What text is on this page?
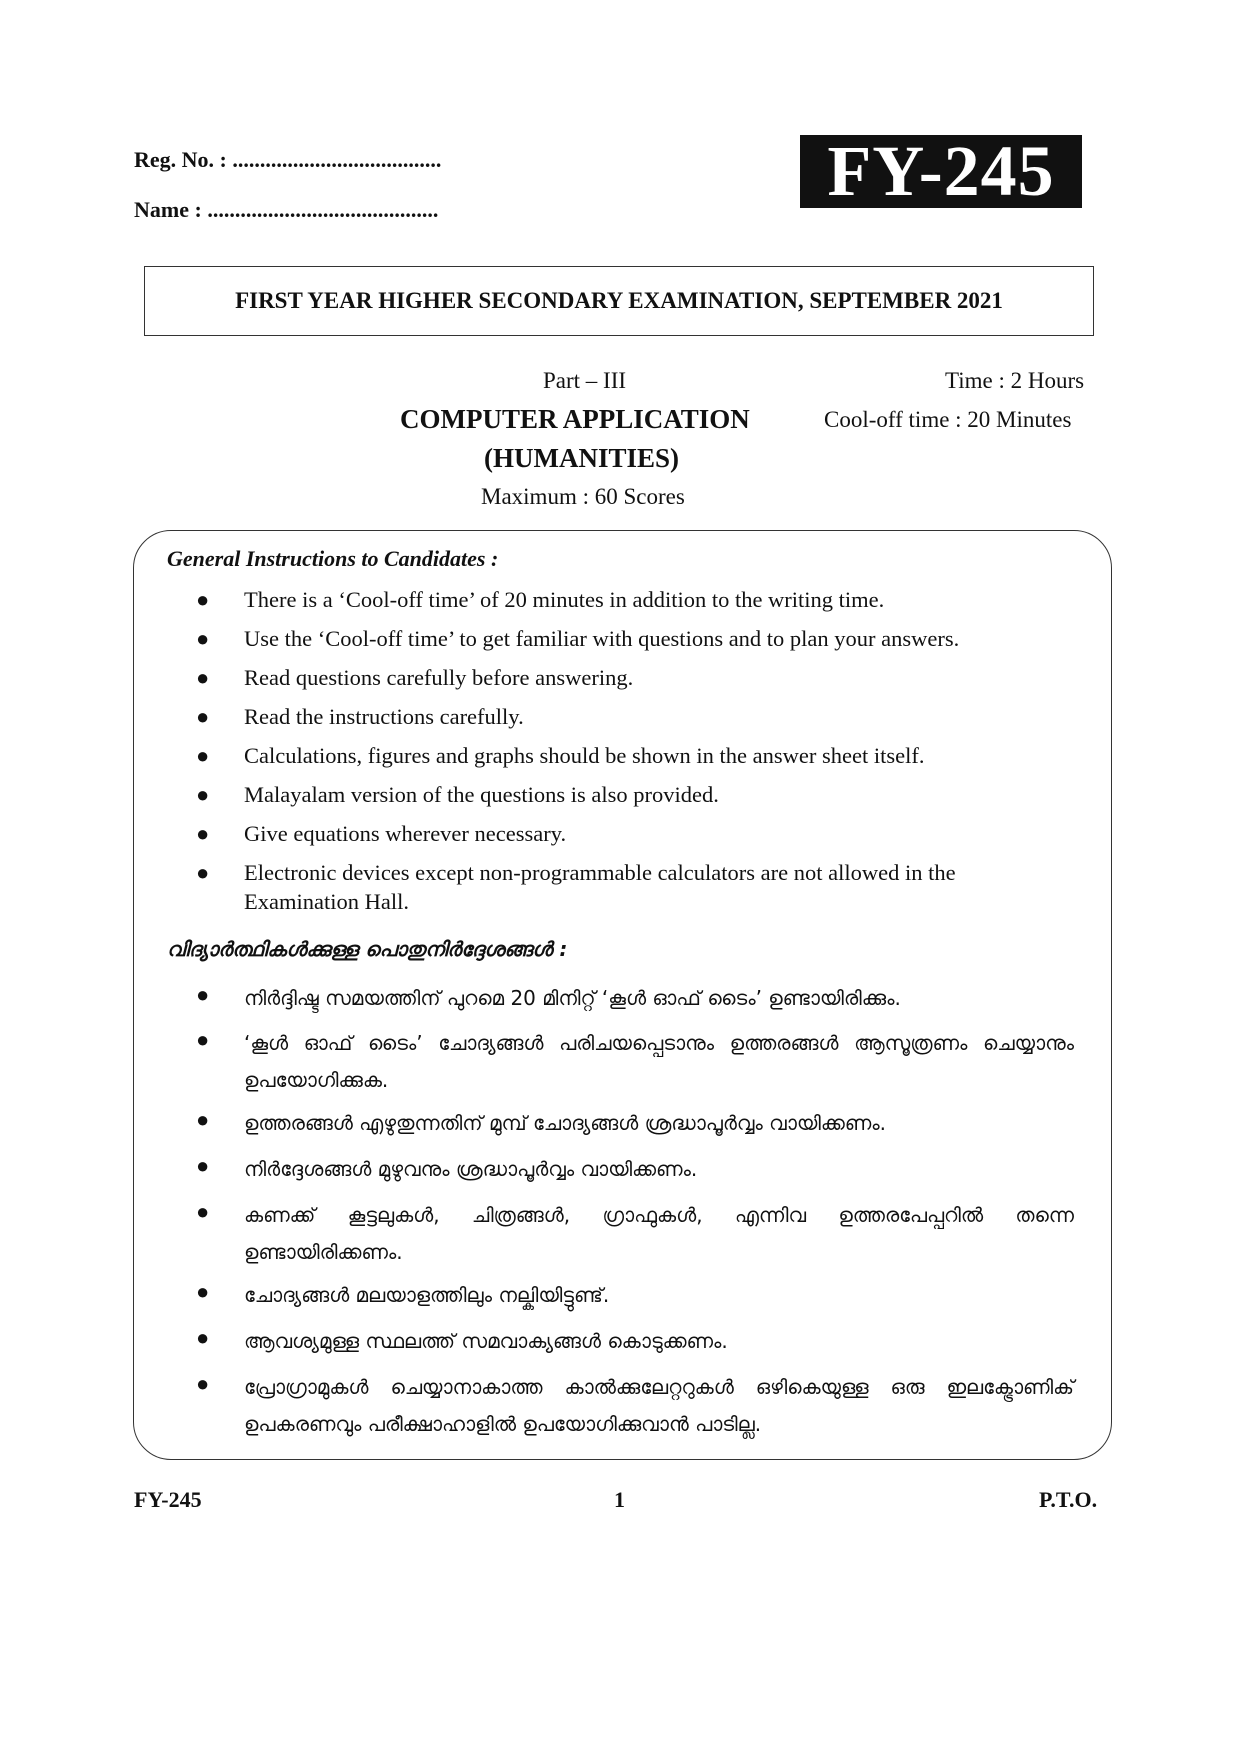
Reg. No. : ......................................
Name : ..........................................	FY-245
FIRST YEAR HIGHER SECONDARY EXAMINATION, SEPTEMBER 2021
Part – III	Time : 2 Hours
COMPUTER APPLICATION	Cool-off time : 20 Minutes
(HUMANITIES)
Maximum : 60 Scores
General Instructions to Candidates :
● There is a ‘Cool-off time’ of 20 minutes in addition to the writing time.
● Use the ‘Cool-off time’ to get familiar with questions and to plan your answers.
● Read questions carefully before answering.
● Read the instructions carefully.
● Calculations, figures and graphs should be shown in the answer sheet itself.
● Malayalam version of the questions is also provided.
● Give equations wherever necessary.
● Electronic devices except non-programmable calculators are not allowed in the Examination Hall.
വിദ്യാർത്ഥികൾക്കുള്ള പൊതുനിർദ്ദേശങ്ങൾ :
● നിർദ്ദിഷ്ട സമയത്തിന് പുറമെ 20 മിനിറ്റ് ‘കൂൾ ഓഫ് ടൈം’ ഉണ്ടായിരിക്കും.
● ‘കൂൾ ഓഫ് ടൈം’ ചോദ്യങ്ങൾ പരിചയപ്പെടാനും ഉത്തരങ്ങൾ ആസൂത്രണം ചെയ്യാനും ഉപയോഗിക്കുക.
● ഉത്തരങ്ങൾ എഴുതുന്നതിന് മുമ്പ് ചോദ്യങ്ങൾ ശ്രദ്ധാപൂർവ്വം വായിക്കണം.
● നിർദ്ദേശങ്ങൾ മുഴുവനും ശ്രദ്ധാപൂർവ്വം വായിക്കണം.
● കണക്ക് കൂട്ടലുകൾ, ചിത്രങ്ങൾ, ഗ്രാഫുകൾ, എന്നിവ ഉത്തരപേപ്പറിൽ തന്നെ ഉണ്ടായിരിക്കണം.
● ചോദ്യങ്ങൾ മലയാളത്തിലും നല്കിയിട്ടുണ്ട്.
● ആവശ്യമുള്ള സ്ഥലത്ത് സമവാക്യങ്ങൾ കൊടുക്കണം.
● പ്രോഗ്രാമുകൾ ചെയ്യാനാകാത്ത കാൽക്കുലേറ്ററുകൾ ഒഴികെയുള്ള ഒരു ഇലക്ട്രോണിക് ഉപകരണവും പരീക്ഷാഹാളിൽ ഉപയോഗിക്കുവാൻ പാടില്ല.
FY-245	1	P.T.O.
